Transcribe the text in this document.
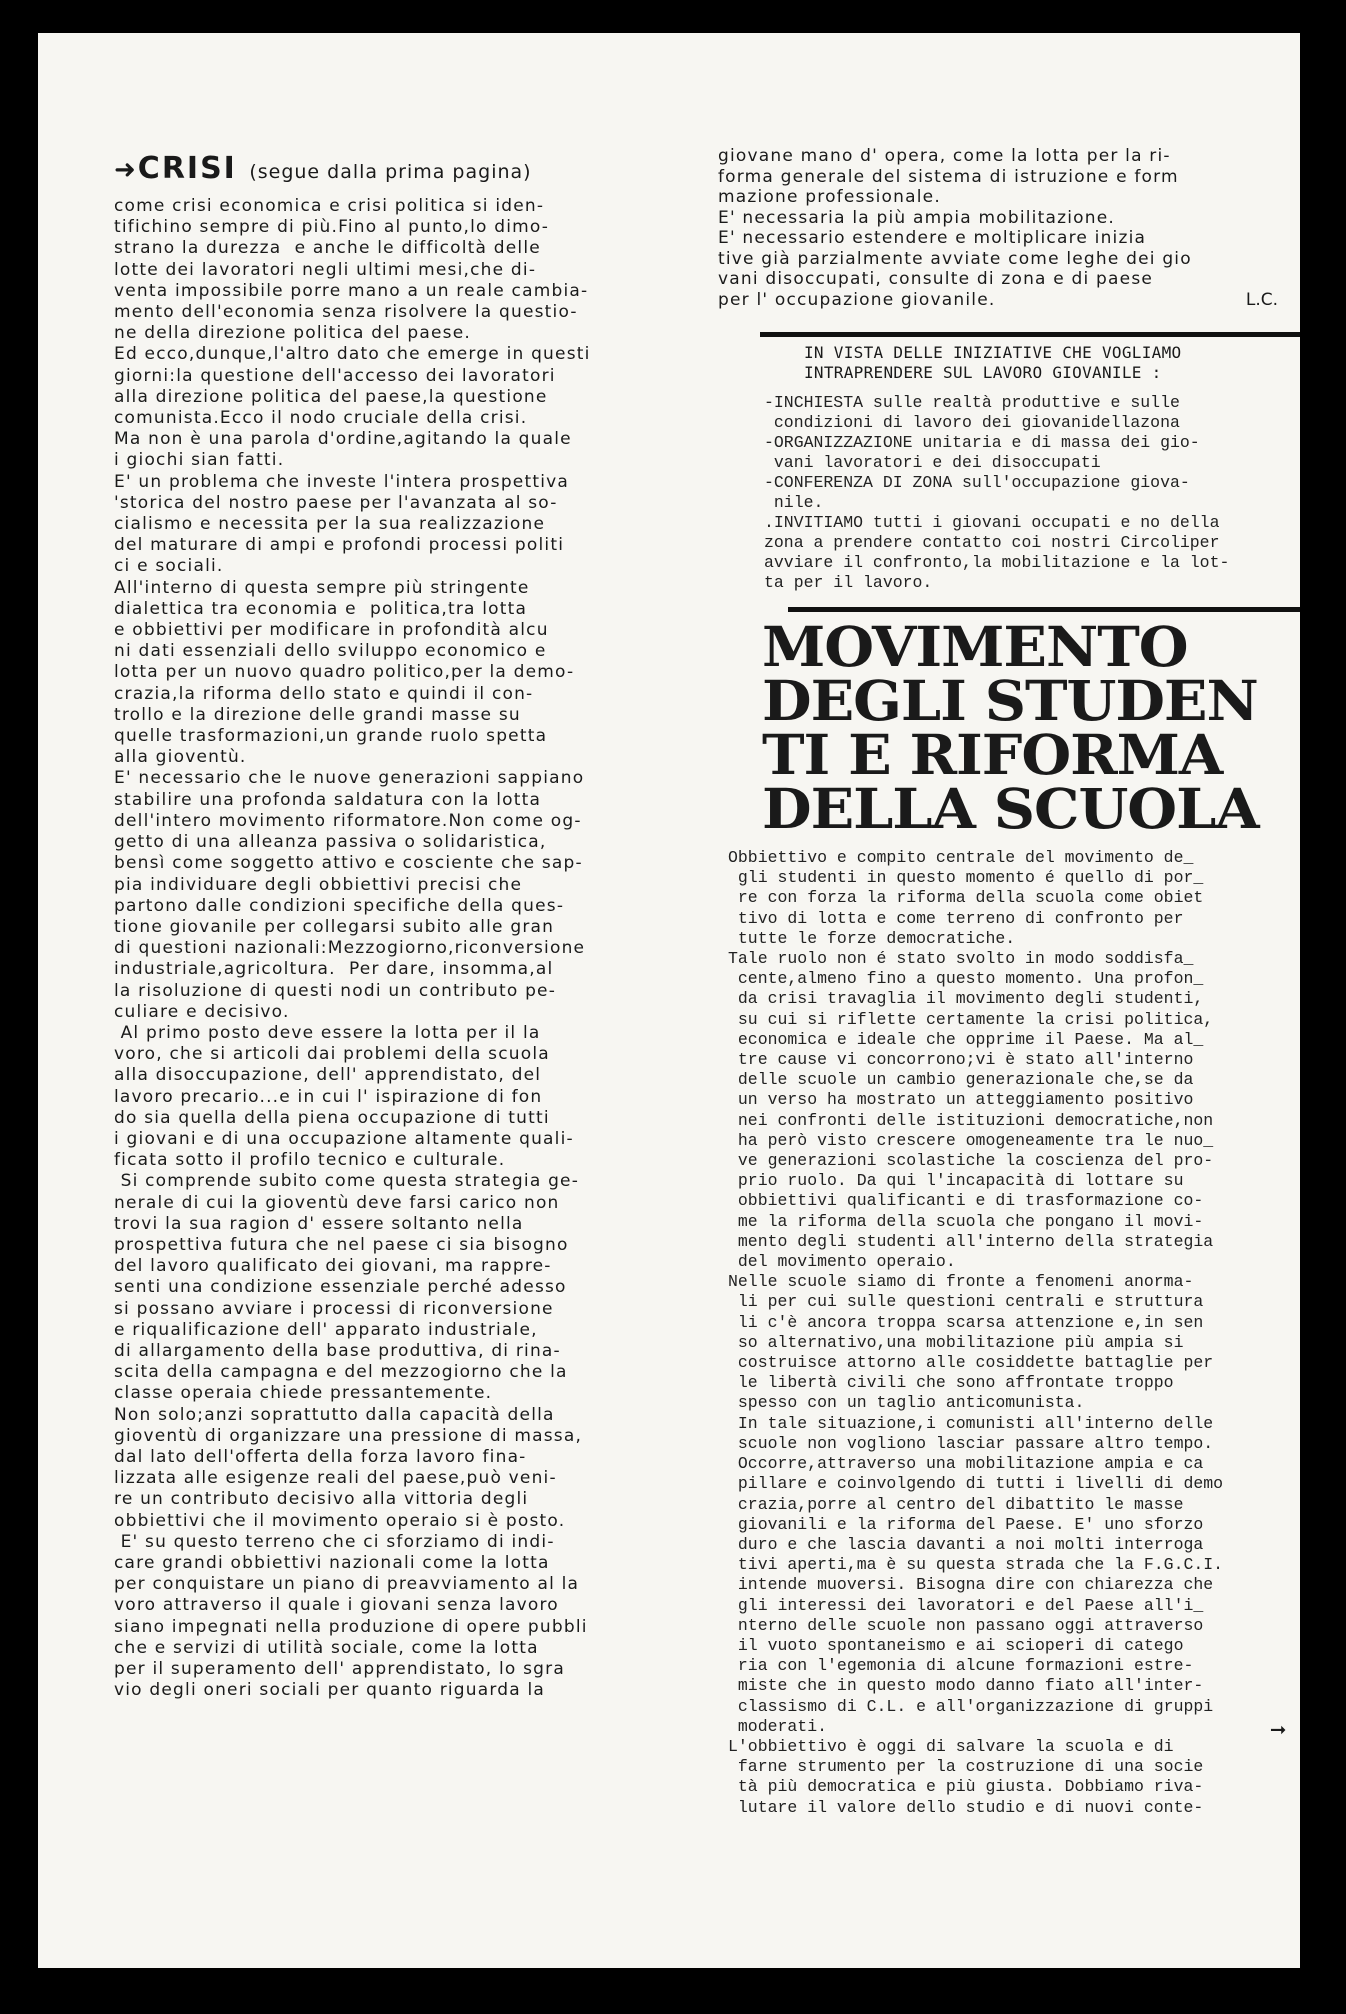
➜CRISI (segue dalla prima pagina)

come crisi economica e crisi politica si iden-
tifichino sempre di più.Fino al punto,lo dimo-
strano la durezza  e anche le difficoltà delle
lotte dei lavoratori negli ultimi mesi,che di-
venta impossibile porre mano a un reale cambia-
mento dell'economia senza risolvere la questio-
ne della direzione politica del paese.
Ed ecco,dunque,l'altro dato che emerge in questi
giorni:la questione dell'accesso dei lavoratori
alla direzione politica del paese,la questione
comunista.Ecco il nodo cruciale della crisi.
Ma non è una parola d'ordine,agitando la quale
i giochi sian fatti.
E' un problema che investe l'intera prospettiva
'storica del nostro paese per l'avanzata al so-
cialismo e necessita per la sua realizzazione
del maturare di ampi e profondi processi politi
ci e sociali.
All'interno di questa sempre più stringente
dialettica tra economia e  politica,tra lotta
e obbiettivi per modificare in profondità alcu
ni dati essenziali dello sviluppo economico e
lotta per un nuovo quadro politico,per la demo-
crazia,la riforma dello stato e quindi il con-
trollo e la direzione delle grandi masse su
quelle trasformazioni,un grande ruolo spetta
alla gioventù.
E' necessario che le nuove generazioni sappiano
stabilire una profonda saldatura con la lotta
dell'intero movimento riformatore.Non come og-
getto di una alleanza passiva o solidaristica,
bensì come soggetto attivo e cosciente che sap-
pia individuare degli obbiettivi precisi che
partono dalle condizioni specifiche della ques-
tione giovanile per collegarsi subito alle gran
di questioni nazionali:Mezzogiorno,riconversione
industriale,agricoltura.  Per dare, insomma,al
la risoluzione di questi nodi un contributo pe-
culiare e decisivo.
Al primo posto deve essere la lotta per il la
voro, che si articoli dai problemi della scuola
alla disoccupazione, dell' apprendistato, del
lavoro precario...e in cui l' ispirazione di fon
do sia quella della piena occupazione di tutti
i giovani e di una occupazione altamente quali-
ficata sotto il profilo tecnico e culturale.
Si comprende subito come questa strategia ge-
nerale di cui la gioventù deve farsi carico non
trovi la sua ragion d' essere soltanto nella
prospettiva futura che nel paese ci sia bisogno
del lavoro qualificato dei giovani, ma rappre-
senti una condizione essenziale perché adesso
si possano avviare i processi di riconversione
e riqualificazione dell' apparato industriale,
di allargamento della base produttiva, di rina-
scita della campagna e del mezzogiorno che la
classe operaia chiede pressantemente.
Non solo;anzi soprattutto dalla capacità della
gioventù di organizzare una pressione di massa,
dal lato dell'offerta della forza lavoro fina-
lizzata alle esigenze reali del paese,può veni-
re un contributo decisivo alla vittoria degli
obbiettivi che il movimento operaio si è posto.
E' su questo terreno che ci sforziamo di indi-
care grandi obbiettivi nazionali come la lotta
per conquistare un piano di preavviamento al la
voro attraverso il quale i giovani senza lavoro
siano impegnati nella produzione di opere pubbli
che e servizi di utilità sociale, come la lotta
per il superamento dell' apprendistato, lo sgra
vio degli oneri sociali per quanto riguarda la

giovane mano d' opera, come la lotta per la ri-
forma generale del sistema di istruzione e form
mazione professionale.
E' necessaria la più ampia mobilitazione.
E' necessario estendere e moltiplicare inizia
tive già parzialmente avviate come leghe dei gio
vani disoccupati, consulte di zona e di paese
per l' occupazione giovanile.	L.C.
IN VISTA DELLE INIZIATIVE CHE VOGLIAMO
INTRAPRENDERE SUL LAVORO GIOVANILE :
-INCHIESTA sulle realtà produttive e sulle
condizioni di lavoro dei giovanidellazona
-ORGANIZZAZIONE unitaria e di massa dei gio-
vani lavoratori e dei disoccupati
-CONFERENZA DI ZONA sull'occupazione giova-
nile.
.INVITIAMO tutti i giovani occupati e no della
zona a prendere contatto coi nostri Circoliper
avviare il confronto,la mobilitazione e la lot-
ta per il lavoro.
MOVIMENTO
DEGLI STUDEN
TI E RIFORMA
DELLA SCUOLA
Obbiettivo e compito centrale del movimento de_
gli studenti in questo momento é quello di por_
re con forza la riforma della scuola come obiet
tivo di lotta e come terreno di confronto per
tutte le forze democratiche.
Tale ruolo non é stato svolto in modo soddisfa_
cente,almeno fino a questo momento. Una profon_
da crisi travaglia il movimento degli studenti,
su cui si riflette certamente la crisi politica,
economica e ideale che opprime il Paese. Ma al_
tre cause vi concorrono;vi è stato all'interno
delle scuole un cambio generazionale che,se da
un verso ha mostrato un atteggiamento positivo
nei confronti delle istituzioni democratiche,non
ha però visto crescere omogeneamente tra le nuo_
ve generazioni scolastiche la coscienza del pro-
prio ruolo. Da qui l'incapacità di lottare su
obbiettivi qualificanti e di trasformazione co-
me la riforma della scuola che pongano il movi-
mento degli studenti all'interno della strategia
del movimento operaio.
Nelle scuole siamo di fronte a fenomeni anorma-
li per cui sulle questioni centrali e struttura
li c'è ancora troppa scarsa attenzione e,in sen
so alternativo,una mobilitazione più ampia si
costruisce attorno alle cosiddette battaglie per
le libertà civili che sono affrontate troppo
spesso con un taglio anticomunista.
In tale situazione,i comunisti all'interno delle
scuole non vogliono lasciar passare altro tempo.
Occorre,attraverso una mobilitazione ampia e ca
pillare e coinvolgendo di tutti i livelli di demo
crazia,porre al centro del dibattito le masse
giovanili e la riforma del Paese. E' uno sforzo
duro e che lascia davanti a noi molti interroga
tivi aperti,ma è su questa strada che la F.G.C.I.
intende muoversi. Bisogna dire con chiarezza che
gli interessi dei lavoratori e del Paese all'i_
nterno delle scuole non passano oggi attraverso
il vuoto spontaneismo e ai scioperi di catego
ria con l'egemonia di alcune formazioni estre-
miste che in questo modo danno fiato all'inter-
classismo di C.L. e all'organizzazione di gruppi
moderati.
L'obbiettivo è oggi di salvare la scuola e di
farne strumento per la costruzione di una socie
tà più democratica e più giusta. Dobbiamo riva-
lutare il valore dello studio e di nuovi conte-
➞
